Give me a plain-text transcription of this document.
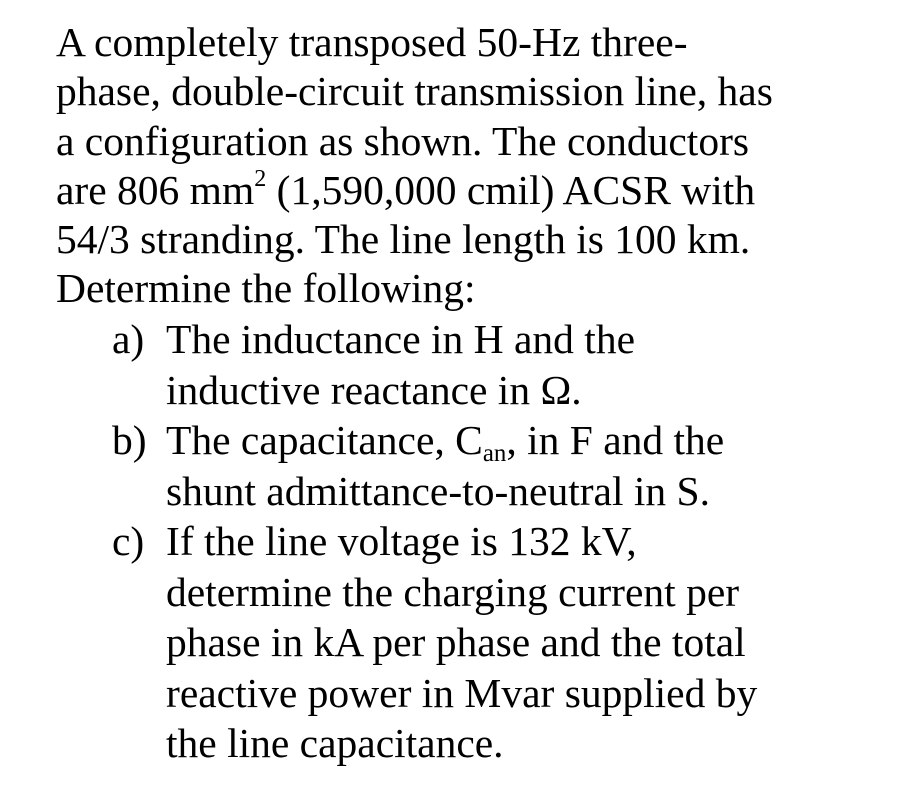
A completely transposed 50-Hz three-
phase, double-circuit transmission line, has
a configuration as shown. The conductors
are 806 $mm^2$ (1,590,000 cmil) ACSR with
54/3 stranding. The line length is 100 km.
Determine the following:

a) The inductance in H and the
inductive reactance in Ω.
b) The capacitance, $C_{an}$, in F and the
shunt admittance-to-neutral in S.
c) If the line voltage is 132 kV,
determine the charging current per
phase in kA per phase and the total
reactive power in Mvar supplied by
the line capacitance.
